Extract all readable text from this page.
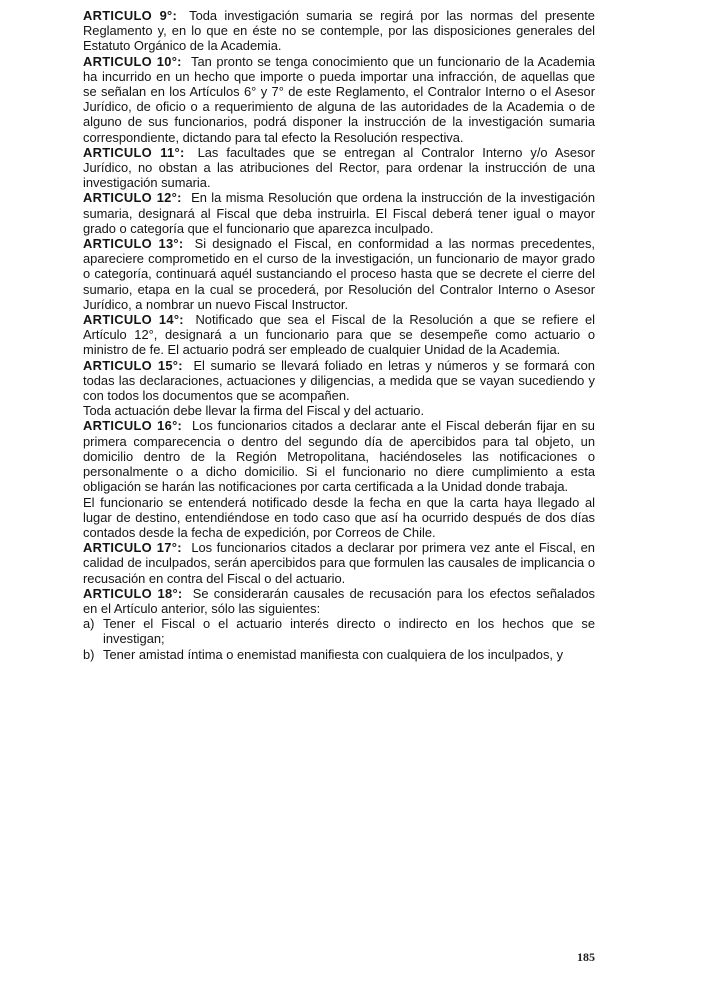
ARTICULO 9°: Toda investigación sumaria se regirá por las normas del presente Reglamento y, en lo que en éste no se contemple, por las disposiciones generales del Estatuto Orgánico de la Academia.

ARTICULO 10°: Tan pronto se tenga conocimiento que un funcionario de la Academia ha incurrido en un hecho que importe o pueda importar una infracción, de aquellas que se señalan en los Artículos 6° y 7° de este Reglamento, el Contralor Interno o el Asesor Jurídico, de oficio o a requerimiento de alguna de las autoridades de la Academia o de alguno de sus funcionarios, podrá disponer la instrucción de la investigación sumaria correspondiente, dictando para tal efecto la Resolución respectiva.

ARTICULO 11°: Las facultades que se entregan al Contralor Interno y/o Asesor Jurídico, no obstan a las atribuciones del Rector, para ordenar la instrucción de una investigación sumaria.

ARTICULO 12°: En la misma Resolución que ordena la instrucción de la investigación sumaria, designará al Fiscal que deba instruirla. El Fiscal deberá tener igual o mayor grado o categoría que el funcionario que aparezca inculpado.

ARTICULO 13°: Si designado el Fiscal, en conformidad a las normas precedentes, apareciere comprometido en el curso de la investigación, un funcionario de mayor grado o categoría, continuará aquél sustanciando el proceso hasta que se decrete el cierre del sumario, etapa en la cual se procederá, por Resolución del Contralor Interno o Asesor Jurídico, a nombrar un nuevo Fiscal Instructor.

ARTICULO 14°: Notificado que sea el Fiscal de la Resolución a que se refiere el Artículo 12°, designará a un funcionario para que se desempeñe como actuario o ministro de fe. El actuario podrá ser empleado de cualquier Unidad de la Academia.

ARTICULO 15°: El sumario se llevará foliado en letras y números y se formará con todas las declaraciones, actuaciones y diligencias, a medida que se vayan sucediendo y con todos los documentos que se acompañen.

Toda actuación debe llevar la firma del Fiscal y del actuario.

ARTICULO 16°: Los funcionarios citados a declarar ante el Fiscal deberán fijar en su primera comparecencia o dentro del segundo día de apercibidos para tal objeto, un domicilio dentro de la Región Metropolitana, haciéndoseles las notificaciones o personalmente o a dicho domicilio. Si el funcionario no diere cumplimiento a esta obligación se harán las notificaciones por carta certificada a la Unidad donde trabaja.

El funcionario se entenderá notificado desde la fecha en que la carta haya llegado al lugar de destino, entendiéndose en todo caso que así ha ocurrido después de dos días contados desde la fecha de expedición, por Correos de Chile.

ARTICULO 17°: Los funcionarios citados a declarar por primera vez ante el Fiscal, en calidad de inculpados, serán apercibidos para que formulen las causales de implicancia o recusación en contra del Fiscal o del actuario.

ARTICULO 18°: Se considerarán causales de recusación para los efectos señalados en el Artículo anterior, sólo las siguientes:

a) Tener el Fiscal o el actuario interés directo o indirecto en los hechos que se investigan;
b) Tener amistad íntima o enemistad manifiesta con cualquiera de los inculpados, y
185
